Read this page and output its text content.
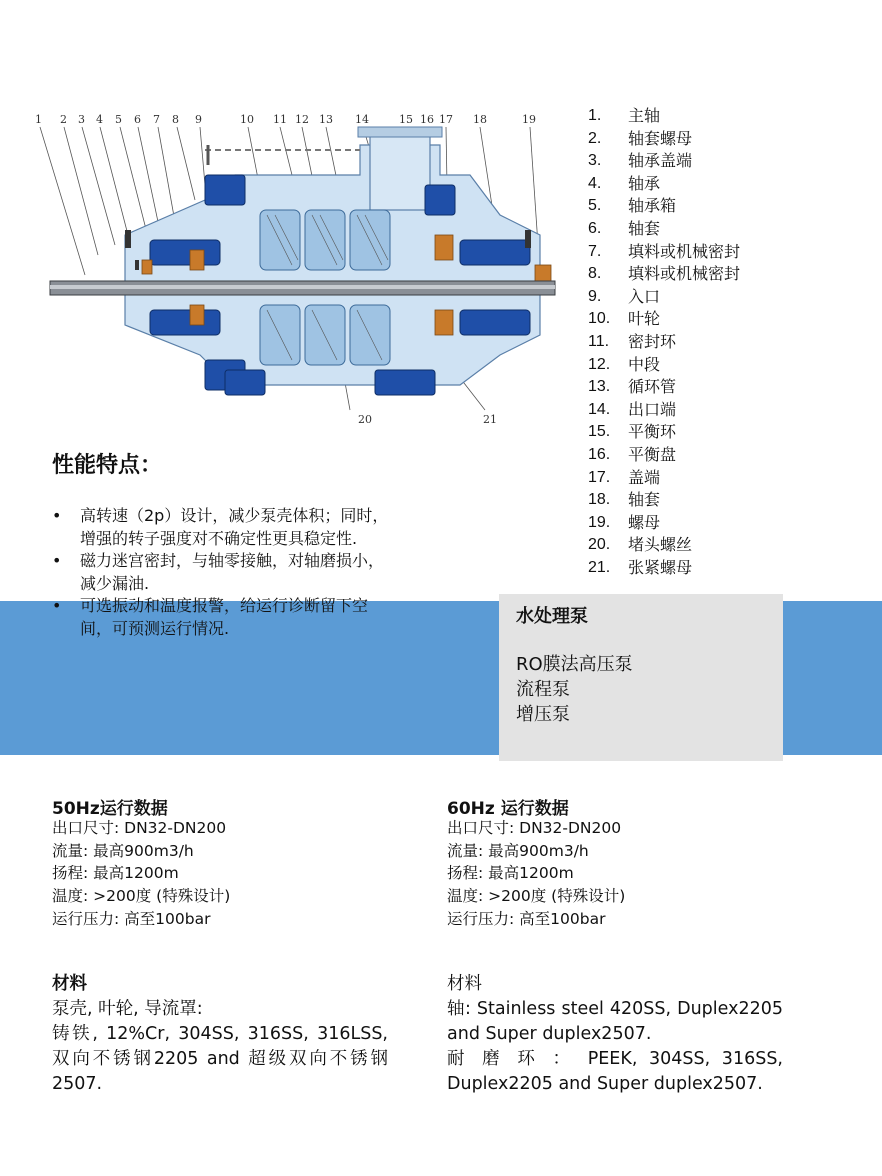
1 2 3 4 5 6 7 8 9	10 11 12 13 14	15 16 17 18	19
20	21
1.	主轴
2.	轴套螺母
3.	轴承盖端
4.	轴承
5.	轴承箱
6.	轴套
7.	填料或机械密封
8.	填料或机械密封
9.	入口
10.	叶轮
11.	密封环
12.	中段
13.	循环管
14.	出口端
15.	平衡环
16.	平衡盘
17.	盖端
18.	轴套
19.	螺母
20.	堵头螺丝
21.	张紧螺母
性能特点：
• 高转速（2p）设计，减少泵壳体积；同时，增强的转子强度对不确定性更具稳定性.
• 磁力迷宫密封，与轴零接触，对轴磨损小，减少漏油.
• 可选振动和温度报警，给运行诊断留下空间，可预测运行情况.
水处理泵
RO膜法高压泵
流程泵
增压泵
50Hz运行数据
出口尺寸: DN32-DN200
流量: 最高900m3/h
扬程: 最高1200m
温度: >200度 (特殊设计)
运行压力: 高至100bar
60Hz 运行数据
出口尺寸: DN32-DN200
流量: 最高900m3/h
扬程: 最高1200m
温度: >200度 (特殊设计)
运行压力: 高至100bar
材料
泵壳, 叶轮, 导流罩:
铸铁, 12%Cr, 304SS, 316SS, 316LSS, 双向不锈钢2205 and 超级双向不锈钢2507.
材料
轴: Stainless steel 420SS, Duplex2205 and Super duplex2507.
耐 磨 环 ： PEEK, 304SS, 316SS, Duplex2205 and Super duplex2507.
